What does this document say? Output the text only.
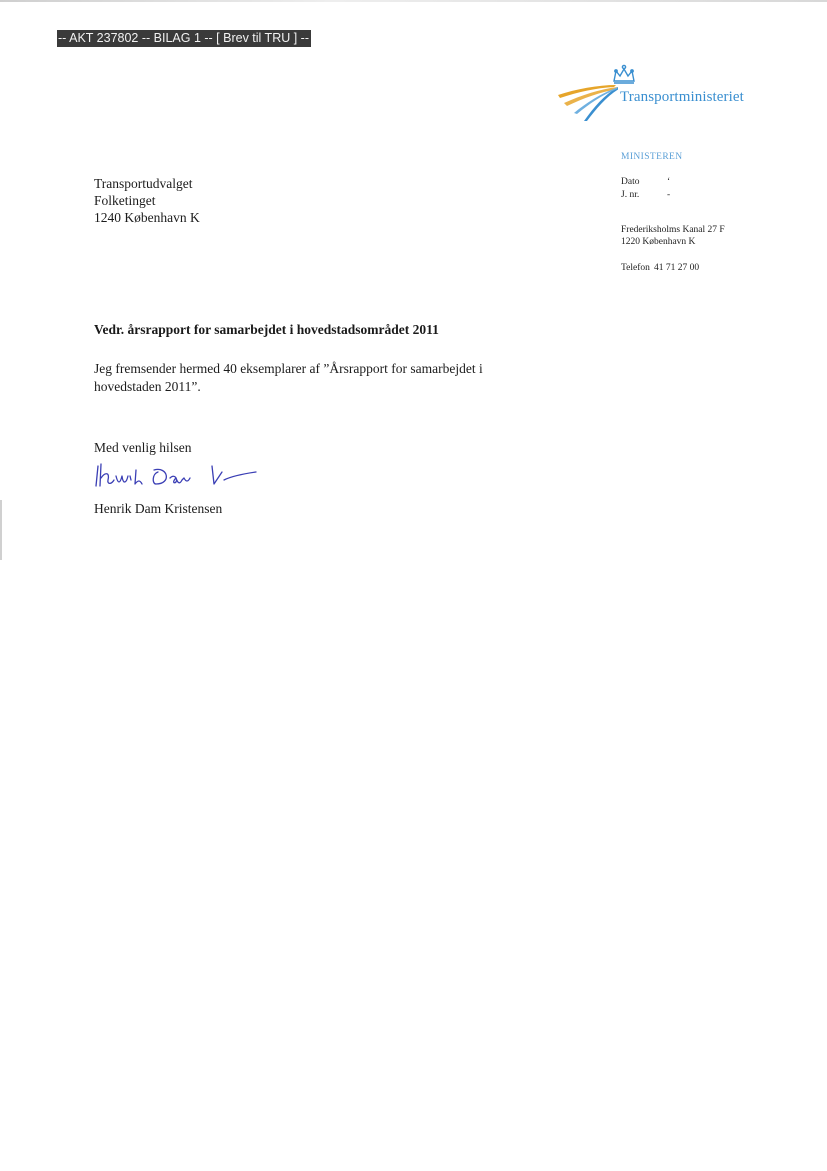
-- AKT 237802 -- BILAG 1 -- [ Brev til TRU ] --
Transportministeriet
MINISTEREN
Dato	‘
J. nr.	-
Frederiksholms Kanal 27 F
1220 København K
Telefon 41 71 27 00
Transportudvalget
Folketinget
1240 København K
Vedr. årsrapport for samarbejdet i hovedstadsområdet 2011
Jeg fremsender hermed 40 eksemplarer af ”Årsrapport for samarbejdet i
hovedstaden 2011”.
Med venlig hilsen
Henrik Dam Kristensen
